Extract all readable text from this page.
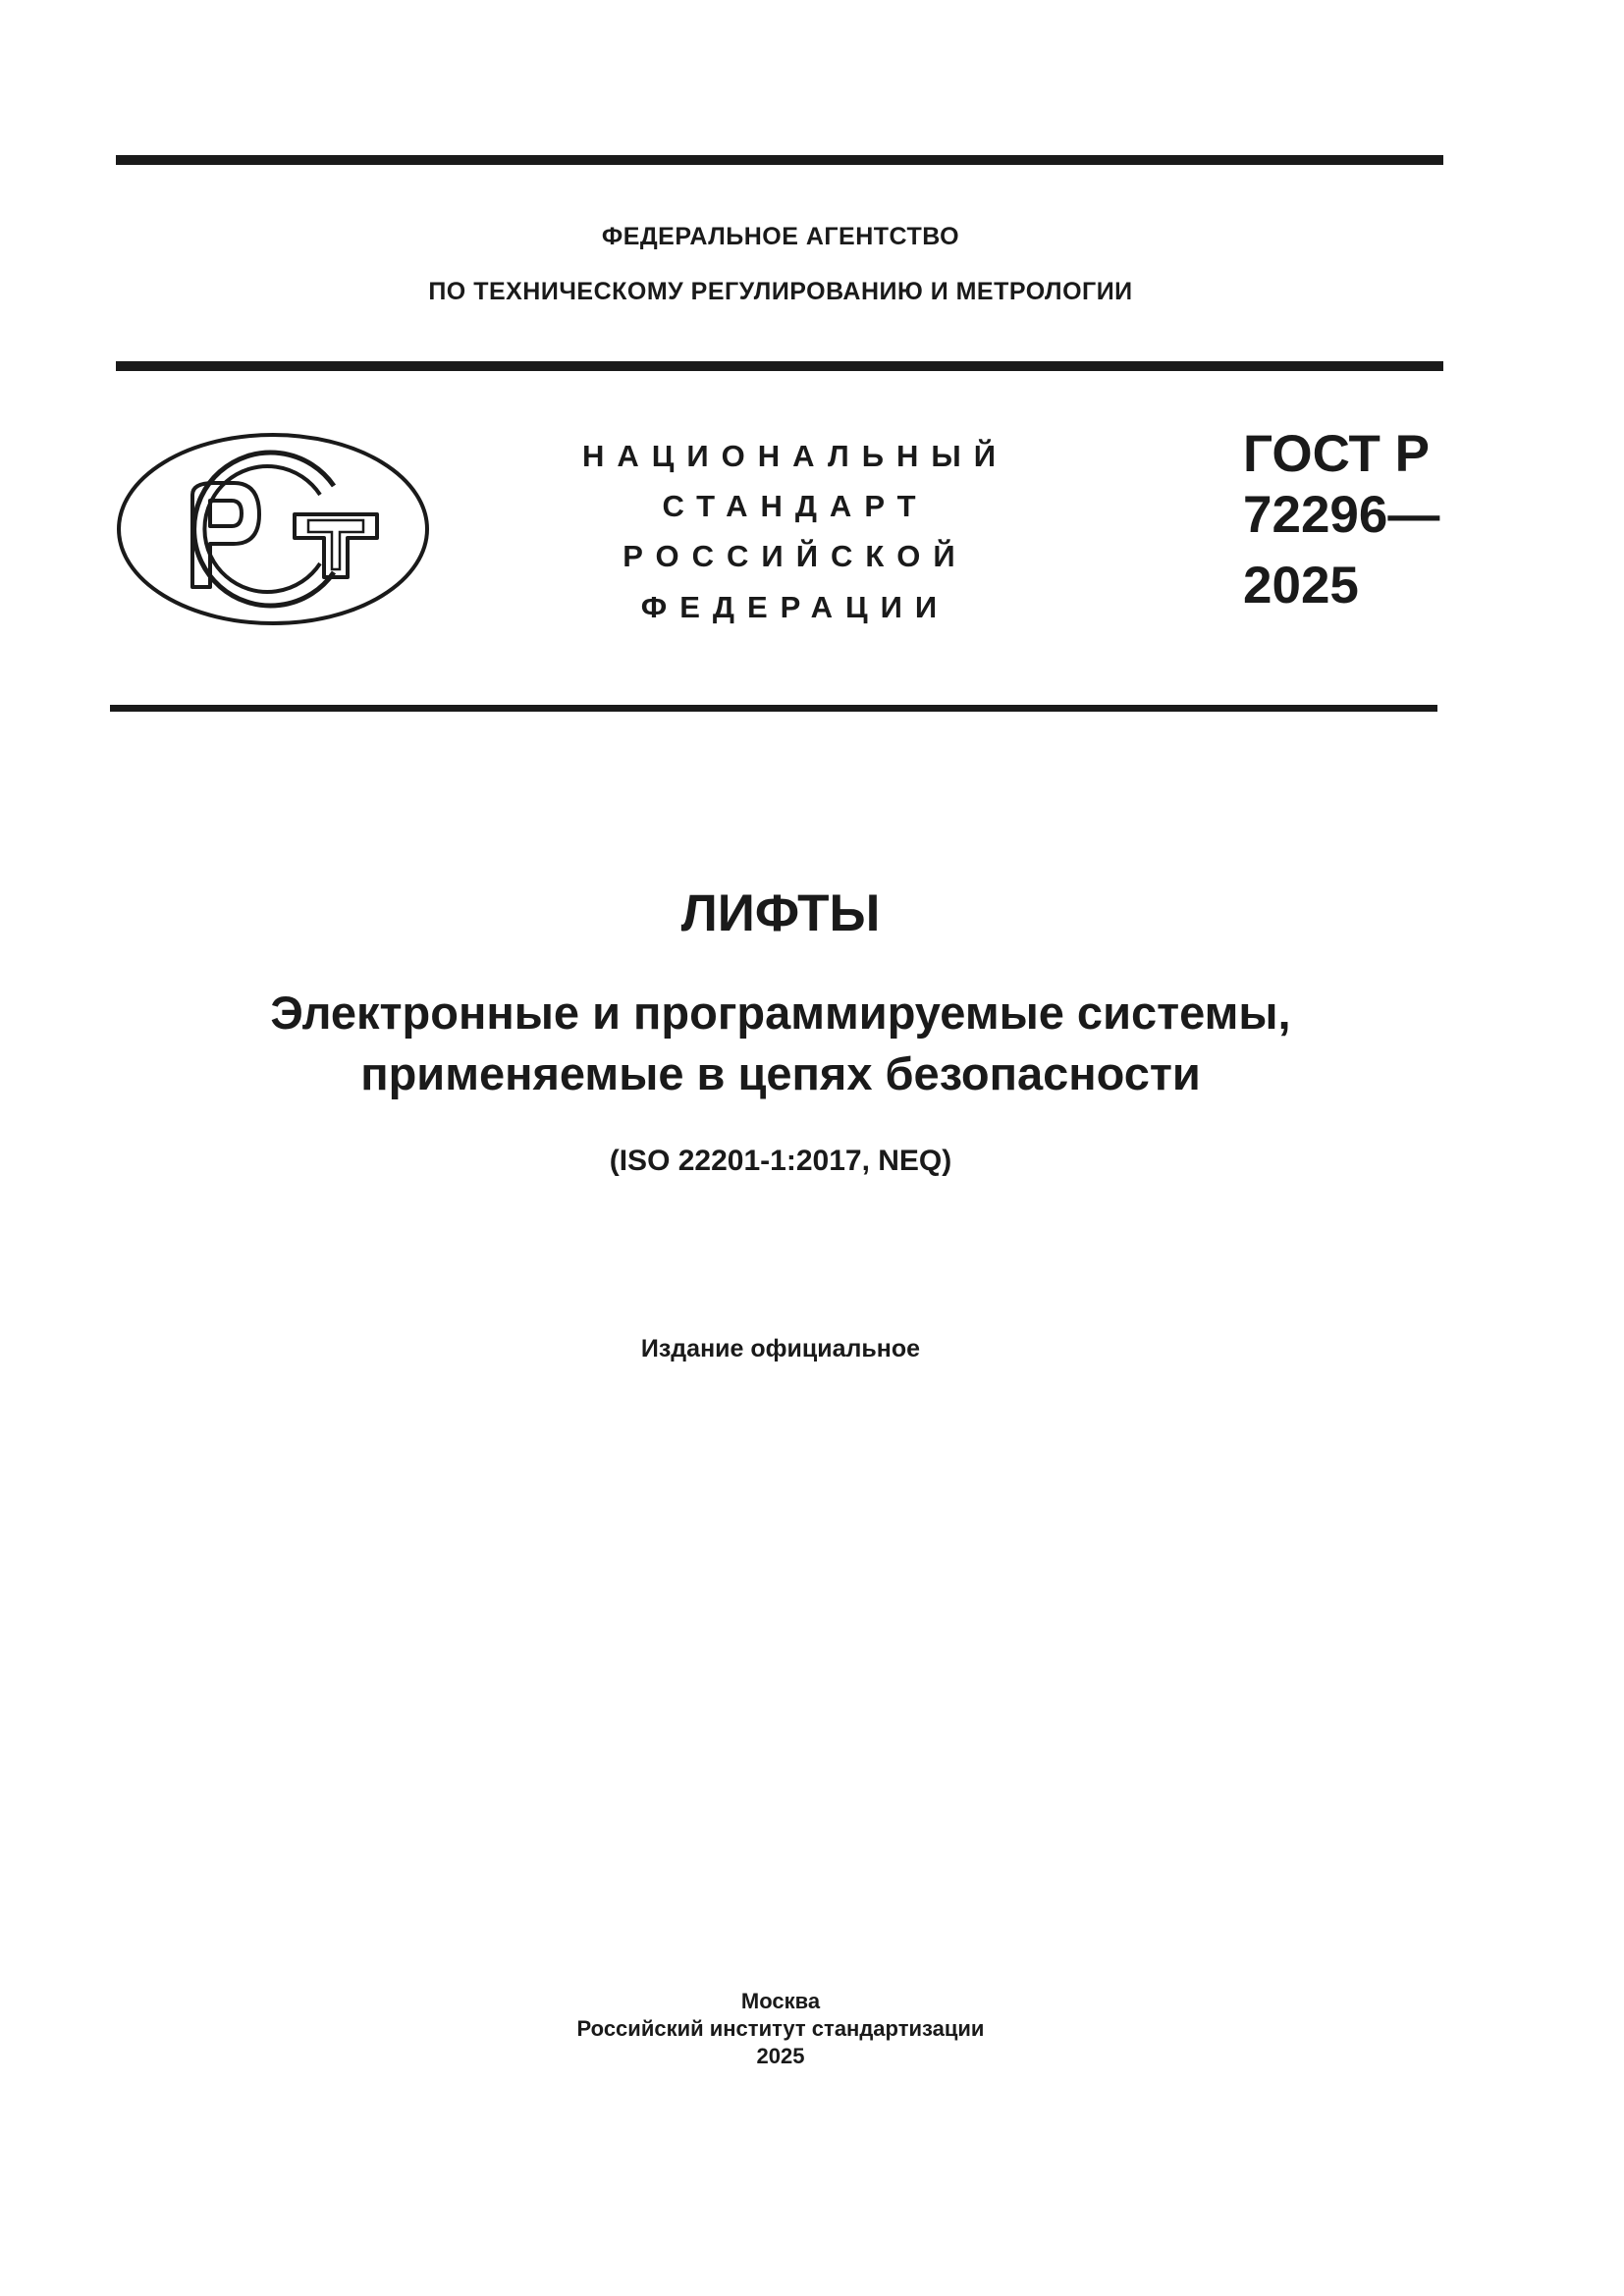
ФЕДЕРАЛЬНОЕ АГЕНТСТВО
ПО ТЕХНИЧЕСКОМУ РЕГУЛИРОВАНИЮ И МЕТРОЛОГИИ
НАЦИОНАЛЬНЫЙ
СТАНДАРТ
РОССИЙСКОЙ
ФЕДЕРАЦИИ
ГОСТ Р
72296—
2025
ЛИФТЫ
Электронные и программируемые системы,
применяемые в цепях безопасности
(ISO 22201-1:2017, NEQ)
Издание официальное
Москва
Российский институт стандартизации
2025
